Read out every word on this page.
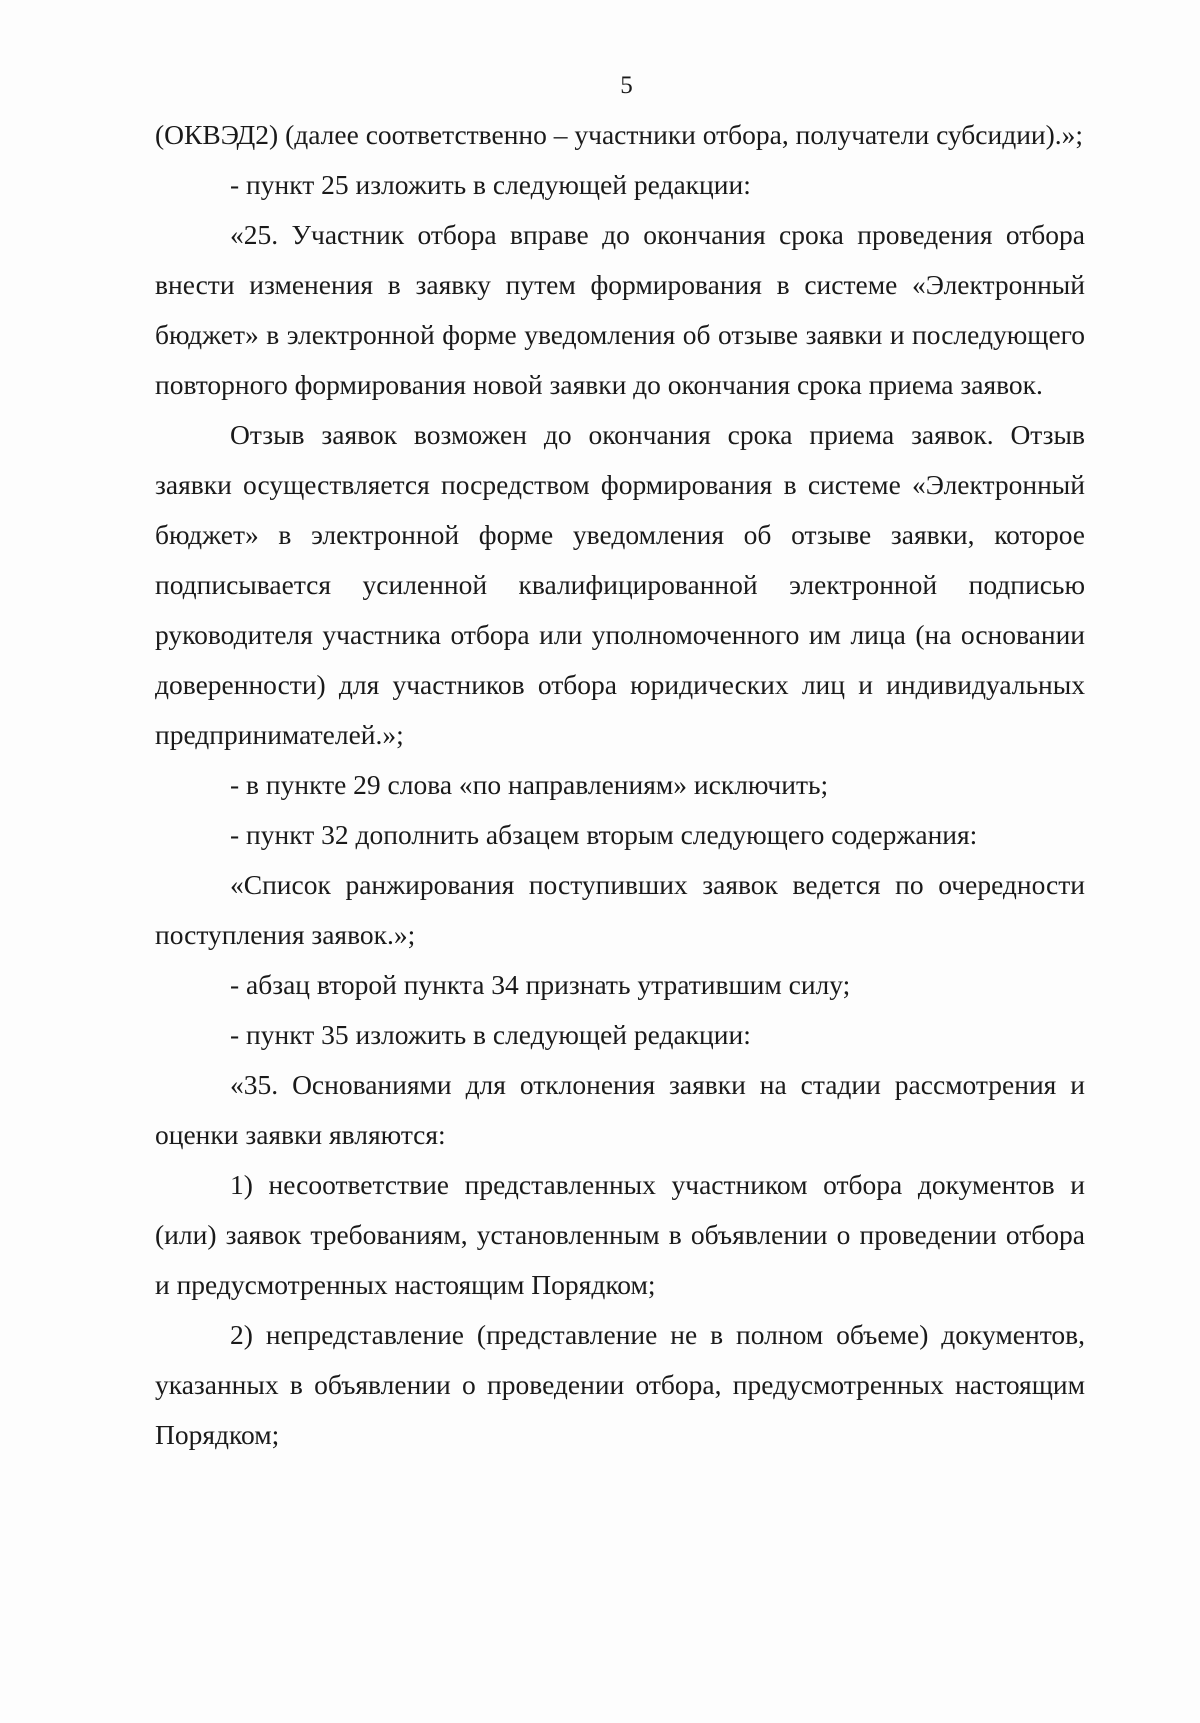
5

(ОКВЭД2) (далее соответственно – участники отбора, получатели субсидии).»;

- пункт 25 изложить в следующей редакции:

«25. Участник отбора вправе до окончания срока проведения отбора внести изменения в заявку путем формирования в системе «Электронный бюджет» в электронной форме уведомления об отзыве заявки и последующего повторного формирования новой заявки до окончания срока приема заявок.

Отзыв заявок возможен до окончания срока приема заявок. Отзыв заявки осуществляется посредством формирования в системе «Электронный бюджет» в электронной форме уведомления об отзыве заявки, которое подписывается усиленной квалифицированной электронной подписью руководителя участника отбора или уполномоченного им лица (на основании доверенности) для участников отбора юридических лиц и индивидуальных предпринимателей.»;

- в пункте 29 слова «по направлениям» исключить;

- пункт 32 дополнить абзацем вторым следующего содержания:

«Список ранжирования поступивших заявок ведется по очередности поступления заявок.»;

- абзац второй пункта 34 признать утратившим силу;

- пункт 35 изложить в следующей редакции:

«35. Основаниями для отклонения заявки на стадии рассмотрения и оценки заявки являются:

1) несоответствие представленных участником отбора документов и (или) заявок требованиям, установленным в объявлении о проведении отбора и предусмотренных настоящим Порядком;

2) непредставление (представление не в полном объеме) документов, указанных в объявлении о проведении отбора, предусмотренных настоящим Порядком;
